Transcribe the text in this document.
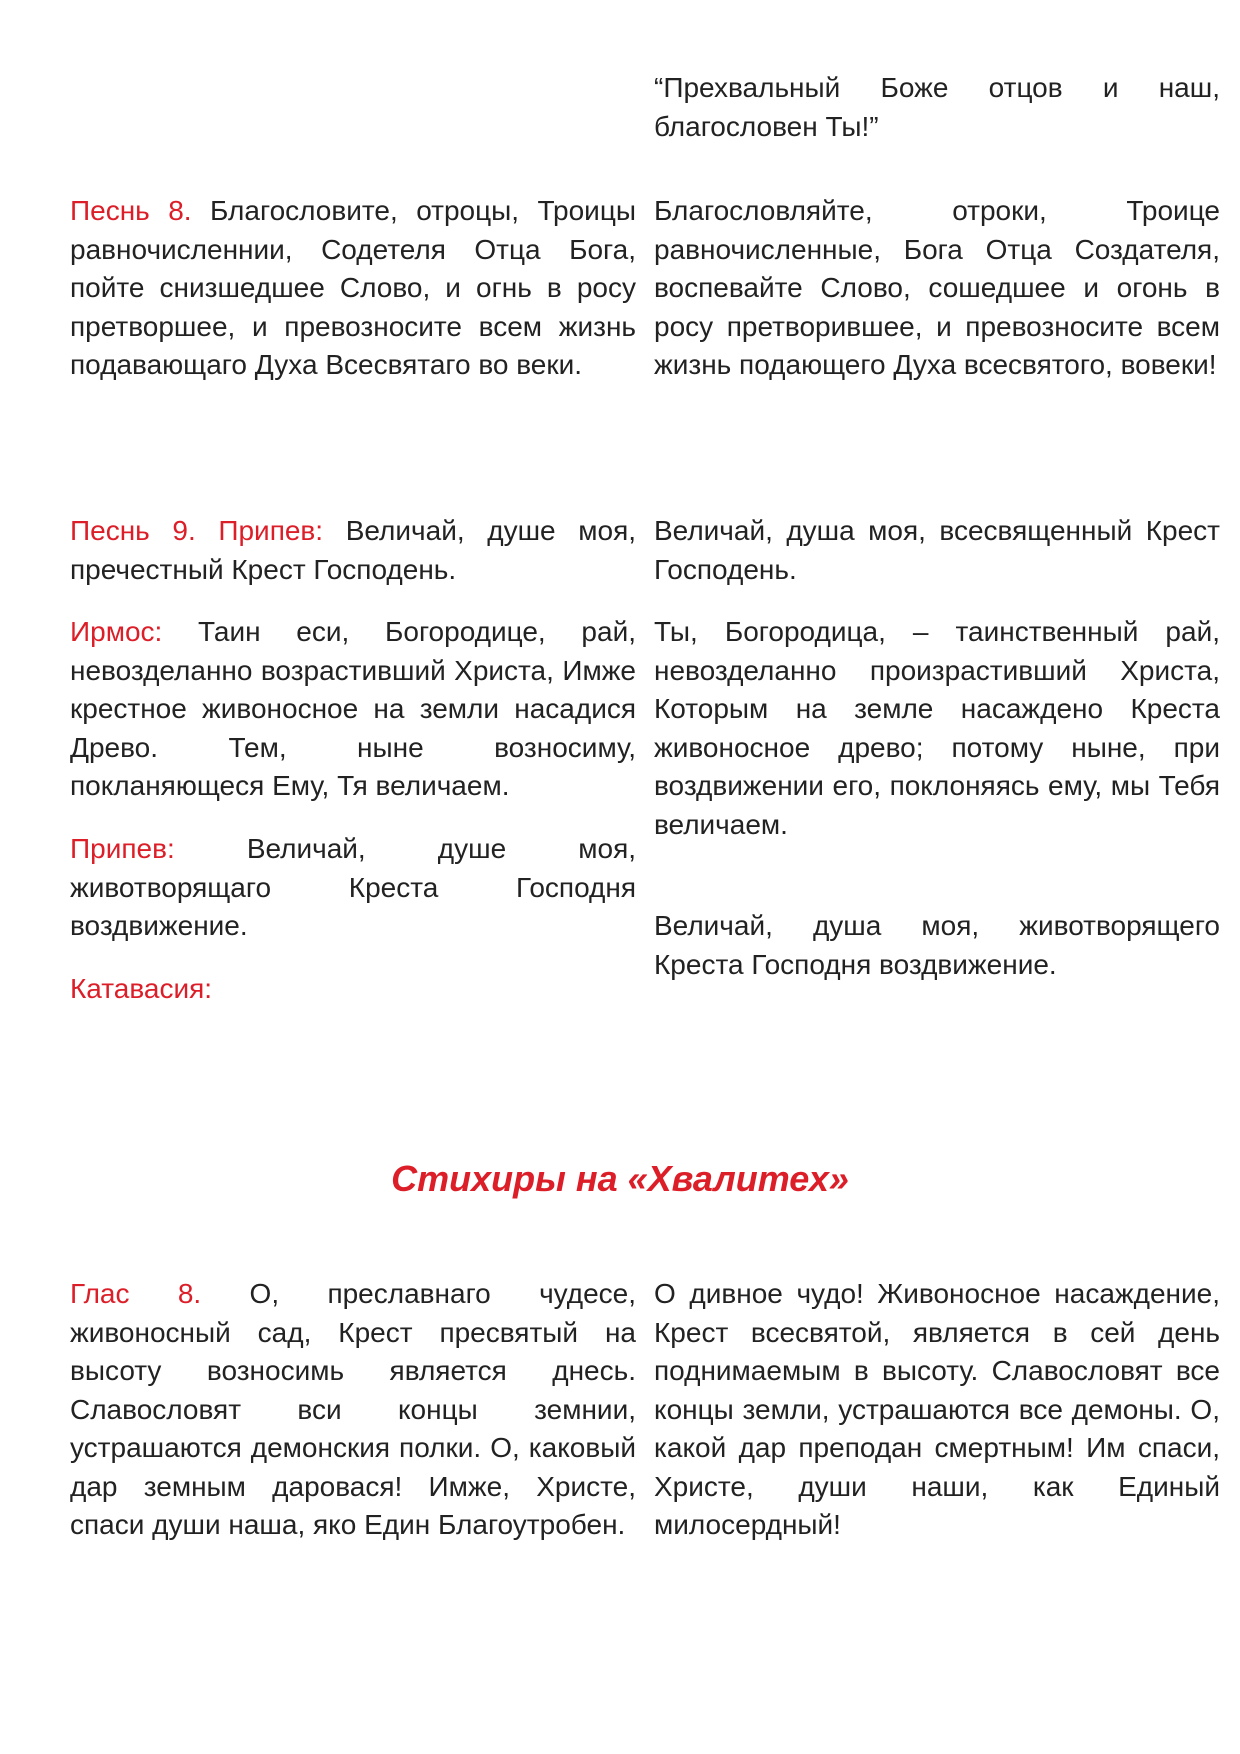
“Прехвальный Боже отцов и наш, благословен Ты!”

Песнь 8. Благословите, отроцы, Троицы равночисленнии, Содетеля Отца Бога, пойте снизшедшее Слово, и огнь в росу претворшее, и превозносите всем жизнь подавающаго Духа Всесвятаго во веки.

Благословляйте, отроки, Троице равночисленные, Бога Отца Создателя, воспевайте Слово, сошедшее и огонь в росу претворившее, и превозносите всем жизнь подающего Духа всесвятого, вовеки!

Песнь 9. Припев: Величай, душе моя, пречестный Крест Господень.

Величай, душа моя, всесвященный Крест Господень.

Ирмос: Таин еси, Богородице, рай, невозделанно возрастивший Христа, Имже крестное живоносное на земли насадися Древо. Тем, ныне возносиму, покланяющеся Ему, Тя величаем.

Ты, Богородица, – таинственный рай, невозделанно произрастивший Христа, Которым на земле насаждено Креста живоносное древо; потому ныне, при воздвижении его, поклоняясь ему, мы Тебя величаем.

Припев:	Величай, душе моя, животворящаго Креста Господня воздвижение.	Величай, душа моя, животворящего Креста Господня воздвижение.

Катавасия:

Стихиры на «Хвалитех»

Глас 8. О, преславнаго чудесе, живоносный сад, Крест пресвятый на высоту возносимь является днесь. Славословят вси концы земнии, устрашаются демонския полки. О, каковый дар земным даровася! Имже, Христе, спаси души наша, яко Един Благоутробен.

О дивное чудо! Живоносное насаждение, Крест всесвятой, является в сей день поднимаемым в высоту. Славословят все концы земли, устрашаются все демоны. О, какой дар преподан смертным! Им спаси, Христе, души наши, как Единый милосердный!
